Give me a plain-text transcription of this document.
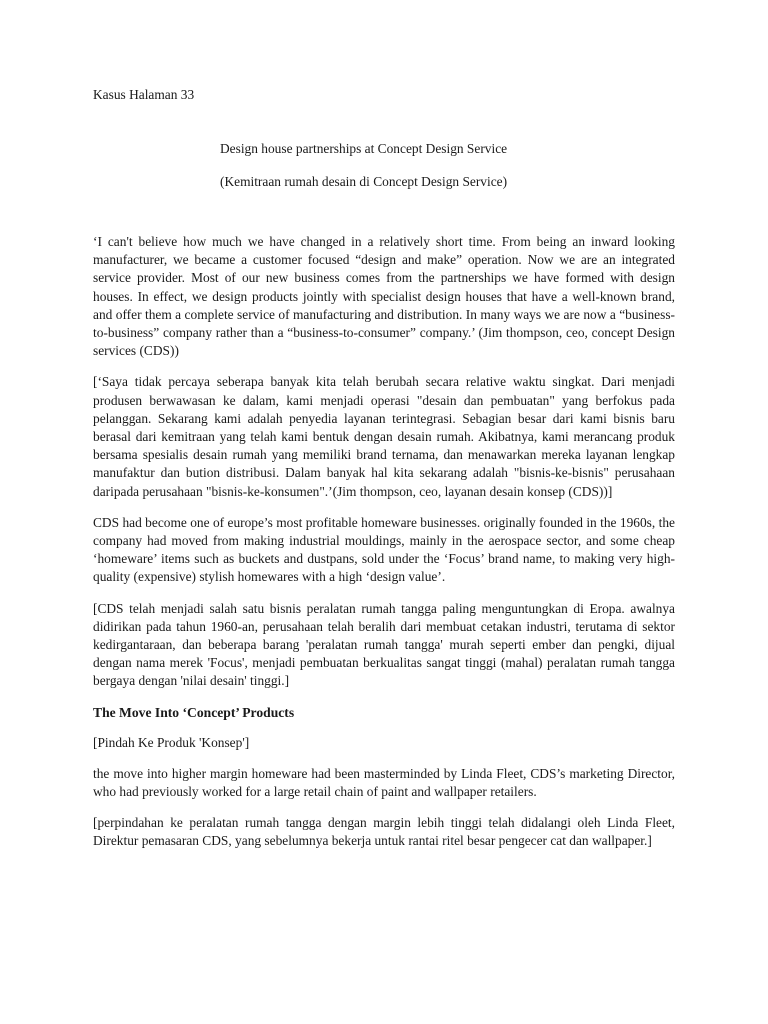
Kasus Halaman 33

Design house partnerships at Concept Design Service

(Kemitraan rumah desain di Concept Design Service)

‘I can't believe how much we have changed in a relatively short time. From being an inward looking manufacturer, we became a customer focused “design and make” operation. Now we are an integrated service provider. Most of our new business comes from the partnerships we have formed with design houses. In effect, we design products jointly with specialist design houses that have a well-known brand, and offer them a complete service of manufacturing and distribution. In many ways we are now a “business-to-business” company rather than a “business-to-consumer” company.’ (Jim thompson, ceo, concept Design services (CDS))

[‘Saya tidak percaya seberapa banyak kita telah berubah secara relative waktu singkat. Dari menjadi produsen berwawasan ke dalam, kami menjadi operasi "desain dan pembuatan" yang berfokus pada pelanggan. Sekarang kami adalah penyedia layanan terintegrasi. Sebagian besar dari kami bisnis baru berasal dari kemitraan yang telah kami bentuk dengan desain rumah. Akibatnya, kami merancang produk bersama spesialis desain rumah yang memiliki brand ternama, dan menawarkan mereka layanan lengkap manufaktur dan bution distribusi. Dalam banyak hal kita sekarang adalah "bisnis-ke-bisnis" perusahaan daripada perusahaan "bisnis-ke-konsumen".’(Jim thompson, ceo, layanan desain konsep (CDS))]

CDS had become one of europe’s most profitable homeware businesses. originally founded in the 1960s, the company had moved from making industrial mouldings, mainly in the aerospace sector, and some cheap ‘homeware’ items such as buckets and dustpans, sold under the ‘Focus’ brand name, to making very high-quality (expensive) stylish homewares with a high ‘design value’.

[CDS telah menjadi salah satu bisnis peralatan rumah tangga paling menguntungkan di Eropa. awalnya didirikan pada tahun 1960-an, perusahaan telah beralih dari membuat cetakan industri, terutama di sektor kedirgantaraan, dan beberapa barang 'peralatan rumah tangga' murah seperti ember dan pengki, dijual dengan nama merek 'Focus', menjadi pembuatan berkualitas sangat tinggi (mahal) peralatan rumah tangga bergaya dengan 'nilai desain' tinggi.]

The Move Into ‘Concept’ Products

[Pindah Ke Produk 'Konsep']

the move into higher margin homeware had been masterminded by Linda Fleet, CDS’s marketing Director, who had previously worked for a large retail chain of paint and wallpaper retailers.

[perpindahan ke peralatan rumah tangga dengan margin lebih tinggi telah didalangi oleh Linda Fleet, Direktur pemasaran CDS, yang sebelumnya bekerja untuk rantai ritel besar pengecer cat dan wallpaper.]
